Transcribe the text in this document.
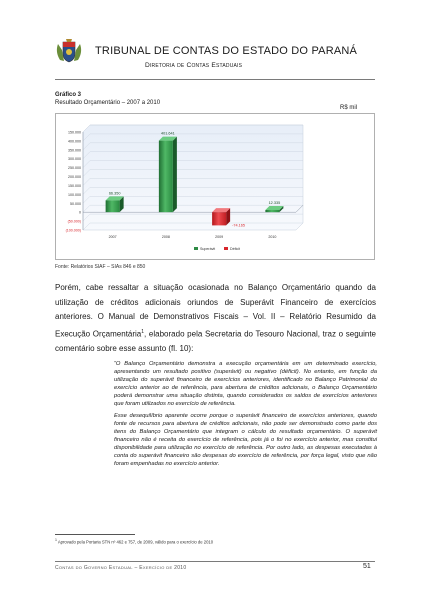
TRIBUNAL DE CONTAS DO ESTADO DO PARANÁ
Diretoria de Contas Estaduais
Gráfico 3
Resultado Orçamentário – 2007 a 2010
R$ mil
150.000
400.000
350.000
300.000
250.000
200.000
150.000
100.000
50.000
0
(50.000)
(100.000)
66.350
2007
401.641
2008
-74.165
2009
12.335
2010
Superávit	Déficit
Fonte: Relatórios SIAF – SIAs 846 e 850
Porém, cabe ressaltar a situação ocasionada no Balanço Orçamentário quando da utilização de créditos adicionais oriundos de Superávit Financeiro de exercícios anteriores. O Manual de Demonstrativos Fiscais – Vol. II – Relatório Resumido da Execução Orçamentária$^1$, elaborado pela Secretaria do Tesouro Nacional, traz o seguinte comentário sobre esse assunto (fl. 10):

“O Balanço Orçamentário demonstra a execução orçamentária em um determinado exercício, apresentando um resultado positivo (superávit) ou negativo (déficit). No entanto, em função da utilização do superávit financeiro de exercícios anteriores, identificado no Balanço Patrimonial do exercício anterior ao de referência, para abertura de créditos adicionais, o Balanço Orçamentário poderá demonstrar uma situação distinta, quando considerados os saldos de exercícios anteriores que foram utilizados no exercício de referência.

Esse desequilíbrio aparente ocorre porque o superávit financeiro de exercícios anteriores, quando fonte de recursos para abertura de créditos adicionais, não pode ser demonstrado como parte dos itens do Balanço Orçamentário que integram o cálculo do resultado orçamentário. O superávit financeiro não é receita do exercício de referência, pois já o foi no exercício anterior, mas constitui disponibilidade para utilização no exercício de referência. Por outro lado, as despesas executadas à conta do superávit financeiro são despesas do exercício de referência, por força legal, visto que não foram empenhadas no exercício anterior.

$^1$ Aprovado pela Portaria STN nº 462 e 757, de 2009, válido para o exercício de 2010
Contas do Governo Estadual – Exercício de 2010	51
